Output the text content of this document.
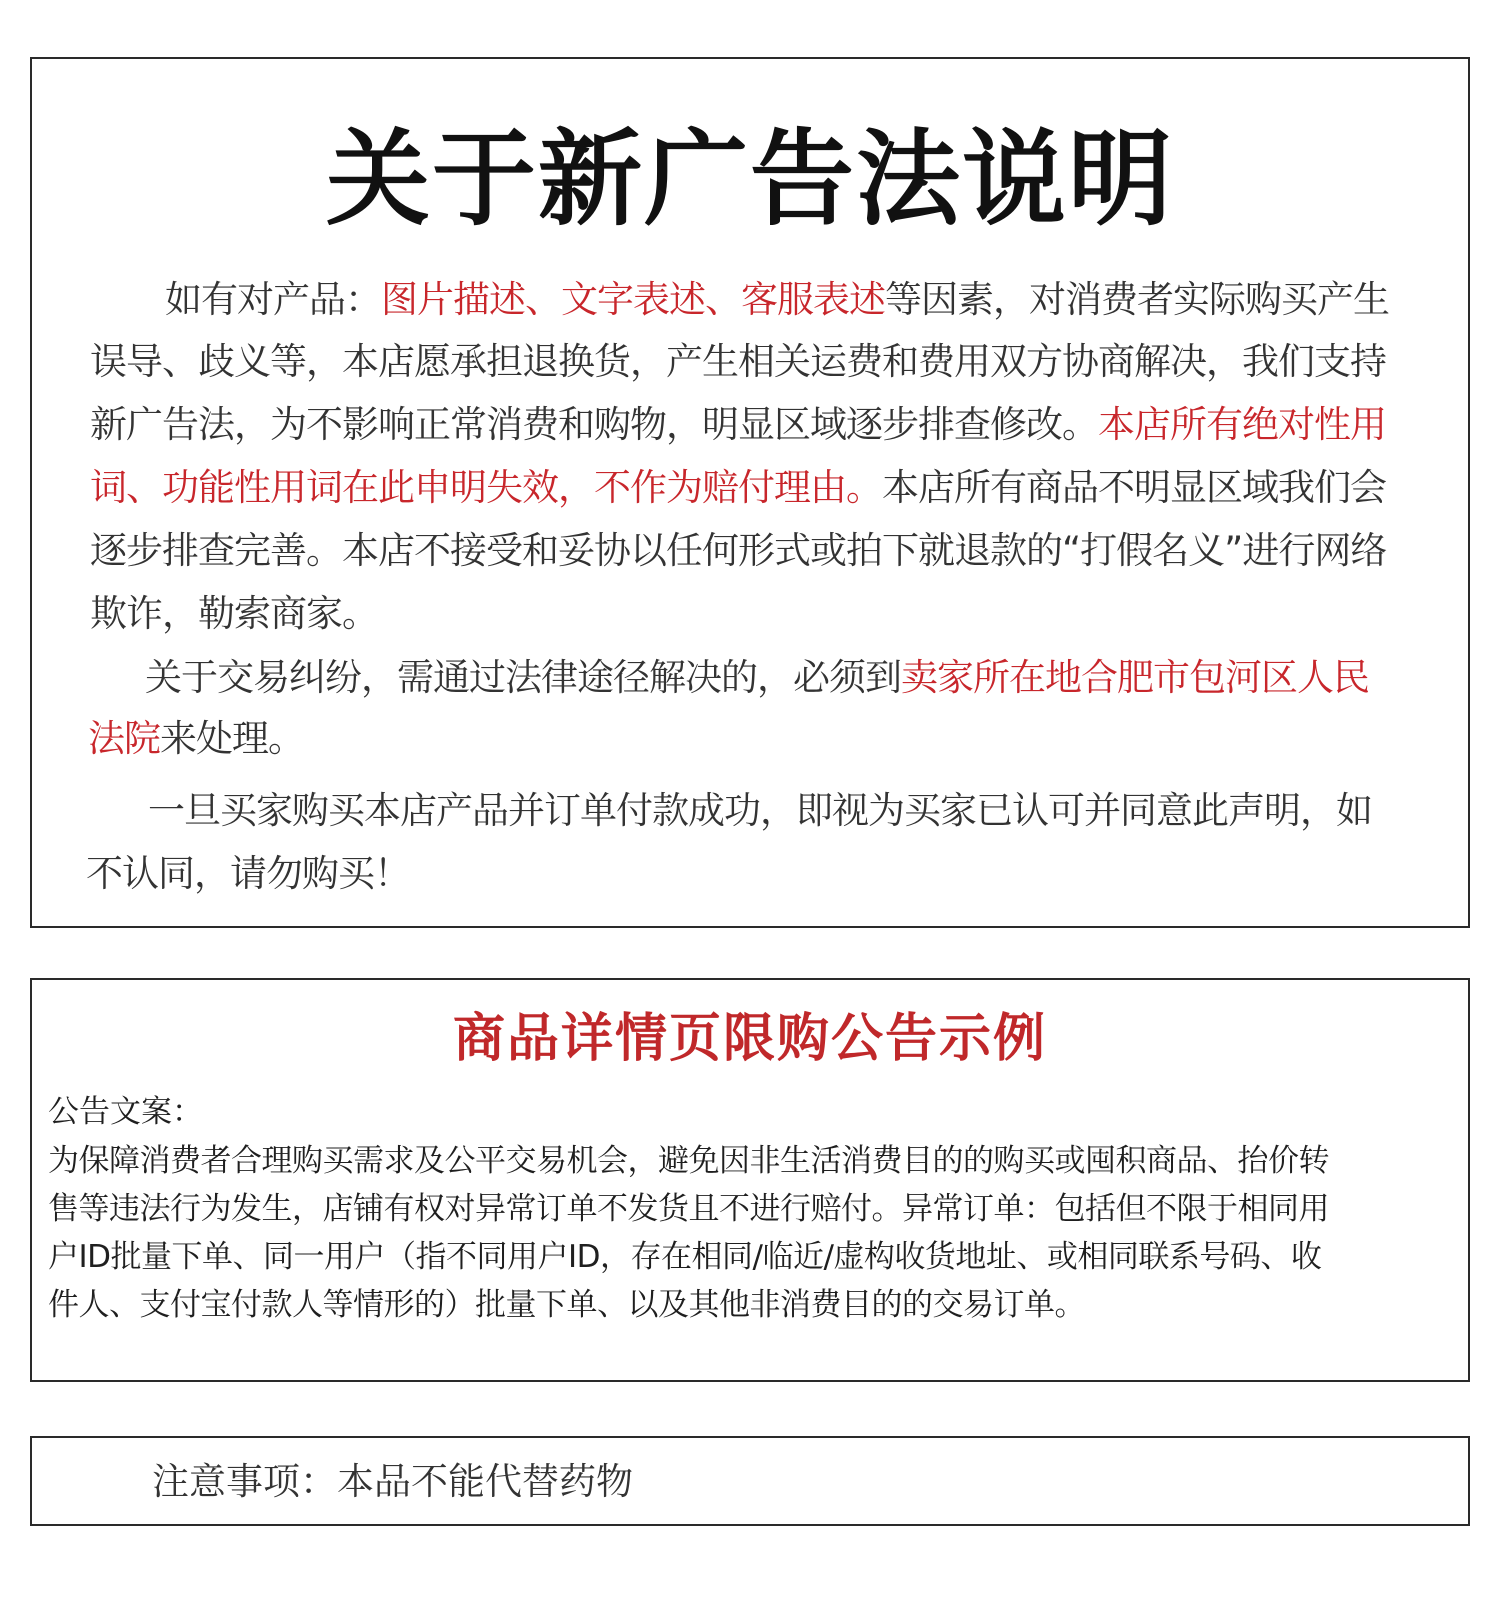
关于新广告法说明
如有对产品：图片描述、文字表述、客服表述等因素，对消费者实际购买产生
误导、歧义等，本店愿承担退换货，产生相关运费和费用双方协商解决，我们支持
新广告法，为不影响正常消费和购物，明显区域逐步排查修改。本店所有绝对性用
词、功能性用词在此申明失效，不作为赔付理由。本店所有商品不明显区域我们会
逐步排查完善。本店不接受和妥协以任何形式或拍下就退款的“打假名义”进行网络
欺诈，勒索商家。
关于交易纠纷，需通过法律途径解决的，必须到卖家所在地合肥市包河区人民
法院来处理。
一旦买家购买本店产品并订单付款成功，即视为买家已认可并同意此声明，如
不认同，请勿购买！
商品详情页限购公告示例
公告文案：
为保障消费者合理购买需求及公平交易机会，避免因非生活消费目的的购买或囤积商品、抬价转
售等违法行为发生，店铺有权对异常订单不发货且不进行赔付。异常订单：包括但不限于相同用
户ID批量下单、同一用户（指不同用户ID，存在相同/临近/虚构收货地址、或相同联系号码、收
件人、支付宝付款人等情形的）批量下单、以及其他非消费目的的交易订单。
注意事项：本品不能代替药物
